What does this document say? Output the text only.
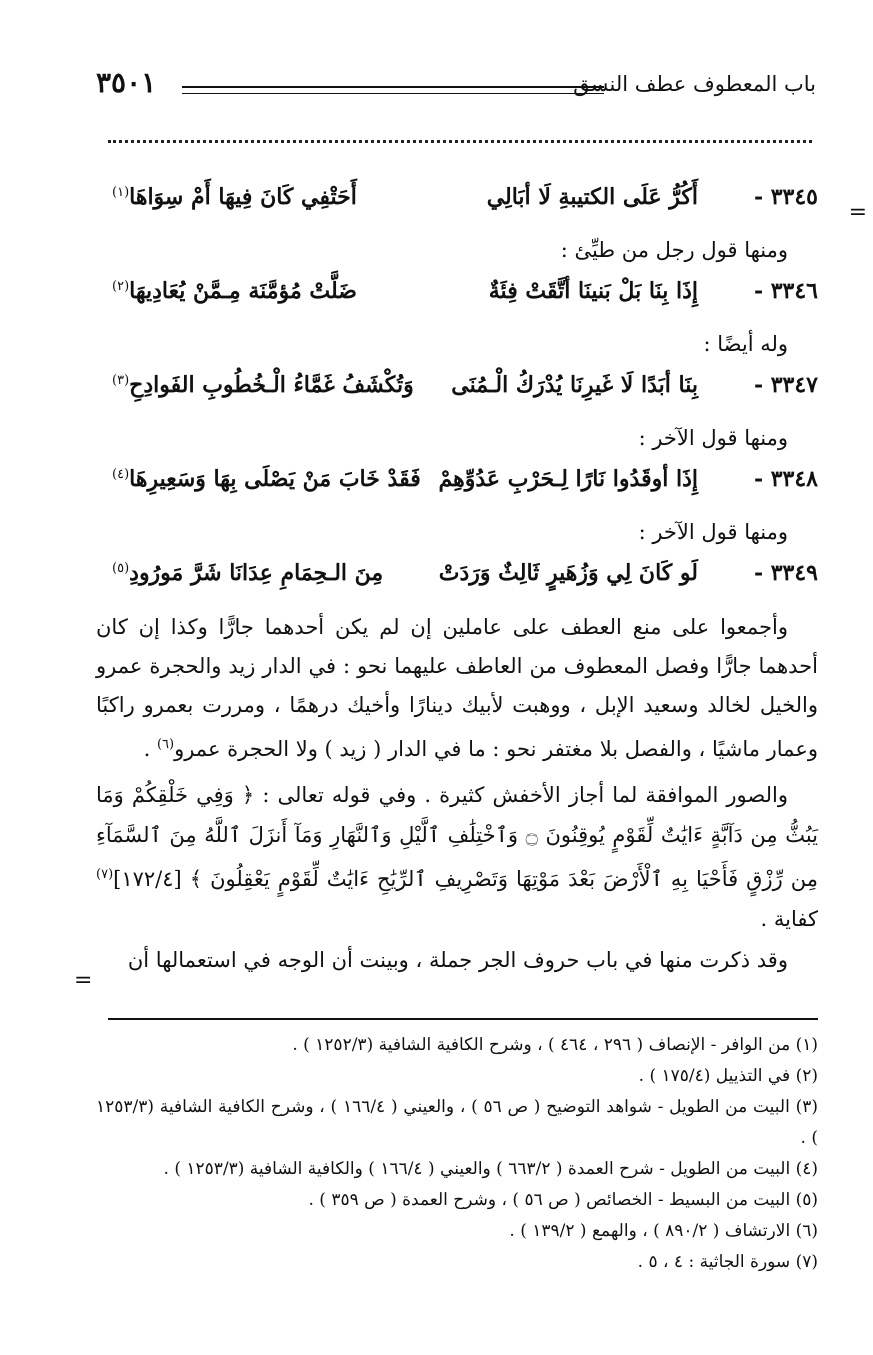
باب المعطوف عطف النسق
٣٥٠١
=
٣٣٤٥ -
أَكُرُّ عَلَى الكتيبةِ لَا أبَالِي
أَحَتْفِي كَانَ فِيهَا أَمْ سِوَاهَا$^{(١)}$
ومنها قول رجل من طيِّئ :
٣٣٤٦ -
إِذَا بِنَا بَلْ بَنينَا أتَّقَتْ فِئَةٌ
ضَلَّتْ مُؤمَّنَة مِـمَّنْ يُعَادِيهَا$^{(٢)}$
وله أيضًا :
٣٣٤٧ -
بِنَا أبَدًا لَا غَيرِنَا يُدْرَكُ الْـمُنَى
وَتُكْشَفُ غَمَّاءُ الْـخُطُوبِ الفَوادِحِ$^{(٣)}$
ومنها قول الآخر :
٣٣٤٨ -
إِذَا أوقَدُوا نَارًا لِـحَرْبِ عَدُوِّهِمْ
فَقَدْ خَابَ مَنْ يَصْلَى بِهَا وَسَعِيرِهَا$^{(٤)}$
ومنها قول الآخر :
٣٣٤٩ -
لَو كَانَ لِي وَزُهَيرٍ ثَالِثٌ وَرَدَتْ
مِنَ الـحِمَامِ عِدَانَا شَرَّ مَورُودِ$^{(٥)}$

وأجمعوا على منع العطف على عاملين إن لم يكن أحدهما جارًّا وكذا إن كان أحدهما جارًّا وفصل المعطوف من العاطف عليهما نحو : في الدار زيد والحجرة عمرو والخيل لخالد وسعيد الإبل ، ووهبت لأبيك دينارًا وأخيك درهمًا ، ومررت بعمرو راكبًا وعمار ماشيًا ، والفصل بلا مغتفر نحو : ما في الدار ( زيد ) ولا الحجرة عمرو$^{(٦)}$ .

والصور الموافقة لما أجاز الأخفش كثيرة . وفي قوله تعالى : ﴿ وَفِي خَلْقِكُمْ وَمَا يَبُثُّ مِن دَآبَّةٍ ءَايَٰتٌ لِّقَوْمٍ يُوقِنُونَ ۝ وَٱخْتِلَٰفِ ٱلَّيْلِ وَٱلنَّهَارِ وَمَآ أَنزَلَ ٱللَّهُ مِنَ ٱلسَّمَآءِ مِن رِّزْقٍ فَأَحْيَا بِهِ ٱلْأَرْضَ بَعْدَ مَوْتِهَا وَتَصْرِيفِ ٱلرِّيَٰحِ ءَايَٰتٌ لِّقَوْمٍ يَعْقِلُونَ ﴾ [١٧٢/٤]$^{(٧)}$ كفاية .

وقد ذكرت منها في باب حروف الجر جملة ، وبينت أن الوجه في استعمالها أن

=
(١) من الوافر - الإنصاف ( ٢٩٦ ، ٤٦٤ ) ، وشرح الكافية الشافية (١٢٥٢/٣ ) .
(٢) في التذييل (١٧٥/٤ ) .
(٣) البيت من الطويل - شواهد التوضيح ( ص ٥٦ ) ، والعيني ( ١٦٦/٤ ) ، وشرح الكافية الشافية (١٢٥٣/٣ ) .
(٤) البيت من الطويل - شرح العمدة ( ٦٦٣/٢ ) والعيني ( ١٦٦/٤ ) والكافية الشافية (١٢٥٣/٣ ) .
(٥) البيت من البسيط - الخصائص ( ص ٥٦ ) ، وشرح العمدة ( ص ٣٥٩ ) .
(٦) الارتشاف ( ٨٩٠/٢ ) ، والهمع ( ١٣٩/٢ ) .
(٧) سورة الجاثية : ٤ ، ٥ .
